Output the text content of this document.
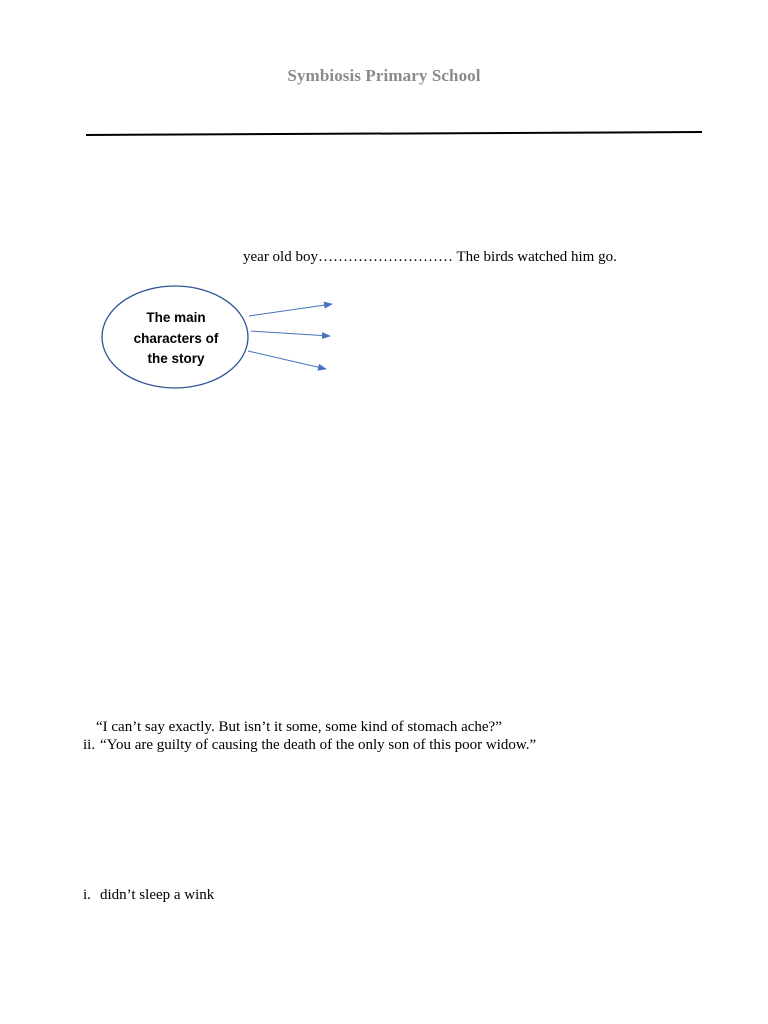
Symbiosis Primary School
year old boy……………………… The birds watched him go.
The main
characters of
the story
“I can’t say exactly. But isn’t it some, some kind of stomach ache?”
ii. “You are guilty of causing the death of the only son of this poor widow.”
i. didn’t sleep a wink
